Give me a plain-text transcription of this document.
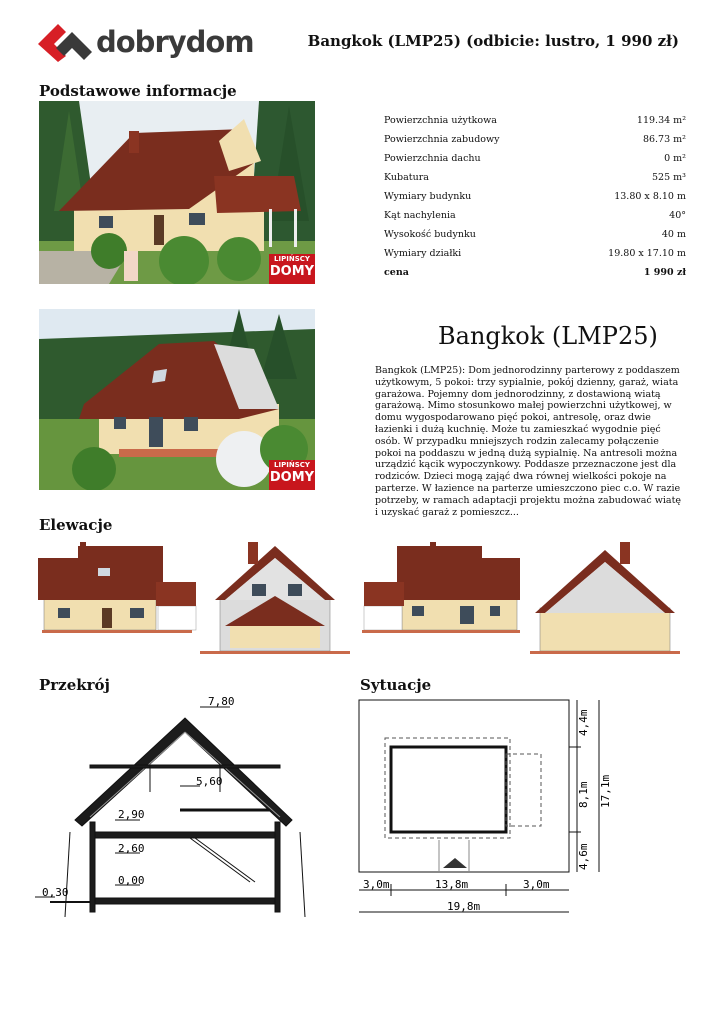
dobrydom	Bangkok (LMP25) (odbicie: lustro, 1 990 zł)
Podstawowe informacje
LIPIŃSCY
DOMY
Powierzchnia użytkowa	119.34 m²
Powierzchnia zabudowy	86.73 m²
Powierzchnia dachu	0 m²
Kubatura	525 m³
Wymiary budynku	13.80 x 8.10 m
Kąt nachylenia	40°
Wysokość budynku	40 m
Wymiary działki	19.80 x 17.10 m
cena	1 990 zł
LIPIŃSCY
DOMY
Bangkok (LMP25)
Bangkok (LMP25): Dom jednorodzinny parterowy z poddaszem użytkowym, 5 pokoi: trzy sypialnie, pokój dzienny, garaż, wiata garażowa. Pojemny dom jednorodzinny, z dostawioną wiatą garażową. Mimo stosunkowo małej powierzchni użytkowej, w domu wygospodarowano pięć pokoi, antresolę, oraz dwie łazienki i dużą kuchnię. Może tu zamieszkać wygodnie pięć osób. W przypadku mniejszych rodzin zalecamy połączenie pokoi na poddaszu w jedną dużą sypialnię. Na antresoli można urządzić kącik wypoczynkowy. Poddasze przeznaczone jest dla rodziców. Dzieci mogą zająć dwa równej wielkości pokoje na parterze. W łazience na parterze umieszczono piec c.o. W razie potrzeby, w ramach adaptacji projektu można zabudować wiatę i uzyskać garaż z pomieszcz...
Elewacje
Przekrój	Sytuacje
7,80
5,60
2,90
2,60
0,00
0,30
3,0m	13,8m	3,0m
19,8m
4,4m
8,1m
4,6m
17,1m
